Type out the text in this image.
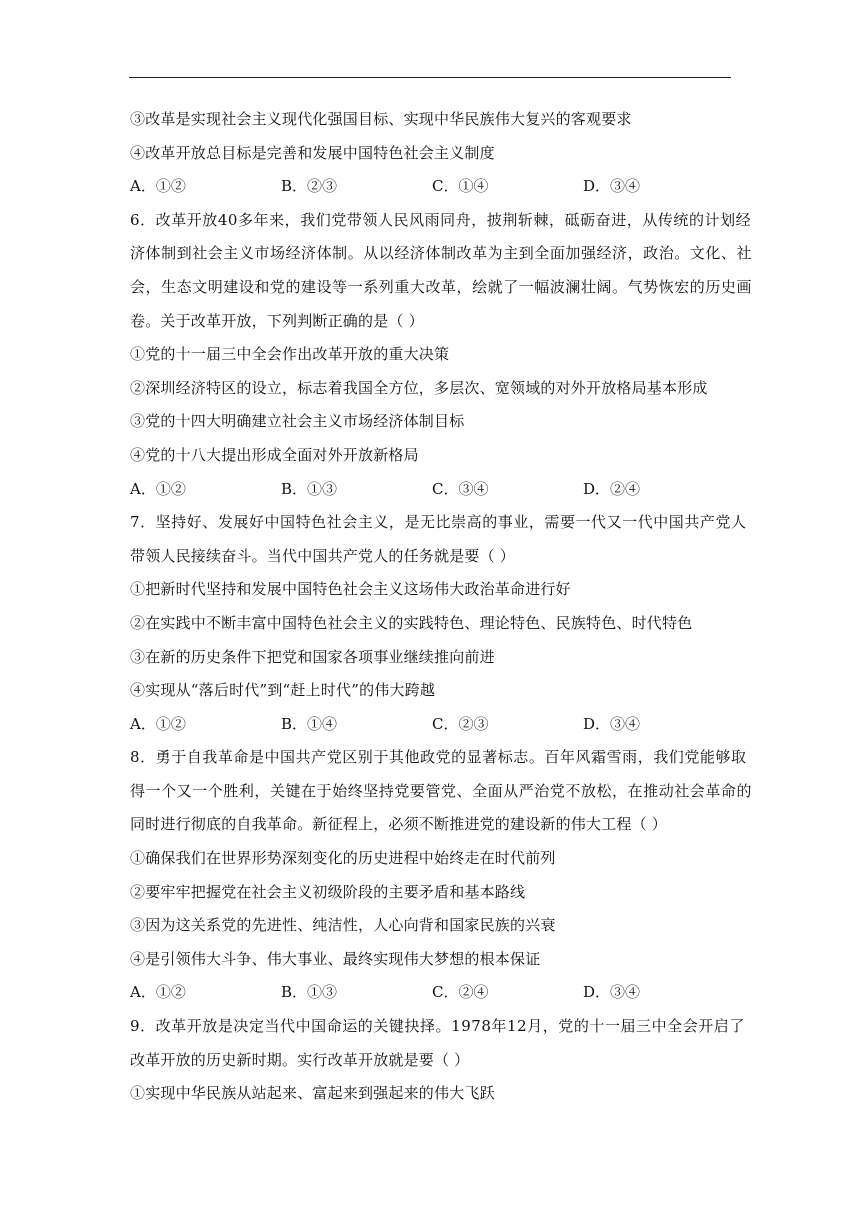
③改革是实现社会主义现代化强国目标、实现中华民族伟大复兴的客观要求
④改革开放总目标是完善和发展中国特色社会主义制度
A．①②	B．②③	C．①④	D．③④
6．改革开放40多年来，我们党带领人民风雨同舟，披荆斩棘，砥砺奋进，从传统的计划经
济体制到社会主义市场经济体制。从以经济体制改革为主到全面加强经济，政治。文化、社
会，生态文明建设和党的建设等一系列重大改革，绘就了一幅波澜壮阔。气势恢宏的历史画
卷。关于改革开放，下列判断正确的是（ ）
①党的十一届三中全会作出改革开放的重大决策
②深圳经济特区的设立，标志着我国全方位，多层次、宽领域的对外开放格局基本形成
③党的十四大明确建立社会主义市场经济体制目标
④党的十八大提出形成全面对外开放新格局
A．①②	B．①③	C．③④	D．②④
7．坚持好、发展好中国特色社会主义，是无比崇高的事业，需要一代又一代中国共产党人
带领人民接续奋斗。当代中国共产党人的任务就是要（ ）
①把新时代坚持和发展中国特色社会主义这场伟大政治革命进行好
②在实践中不断丰富中国特色社会主义的实践特色、理论特色、民族特色、时代特色
③在新的历史条件下把党和国家各项事业继续推向前进
④实现从“落后时代”到“赶上时代”的伟大跨越
A．①②	B．①④	C．②③	D．③④
8．勇于自我革命是中国共产党区别于其他政党的显著标志。百年风霜雪雨，我们党能够取
得一个又一个胜利，关键在于始终坚持党要管党、全面从严治党不放松，在推动社会革命的
同时进行彻底的自我革命。新征程上，必须不断推进党的建设新的伟大工程（ ）
①确保我们在世界形势深刻变化的历史进程中始终走在时代前列
②要牢牢把握党在社会主义初级阶段的主要矛盾和基本路线
③因为这关系党的先进性、纯洁性，人心向背和国家民族的兴衰
④是引领伟大斗争、伟大事业、最终实现伟大梦想的根本保证
A．①②	B．①③	C．②④	D．③④
9．改革开放是决定当代中国命运的关键抉择。1978年12月，党的十一届三中全会开启了
改革开放的历史新时期。实行改革开放就是要（ ）
①实现中华民族从站起来、富起来到强起来的伟大飞跃
